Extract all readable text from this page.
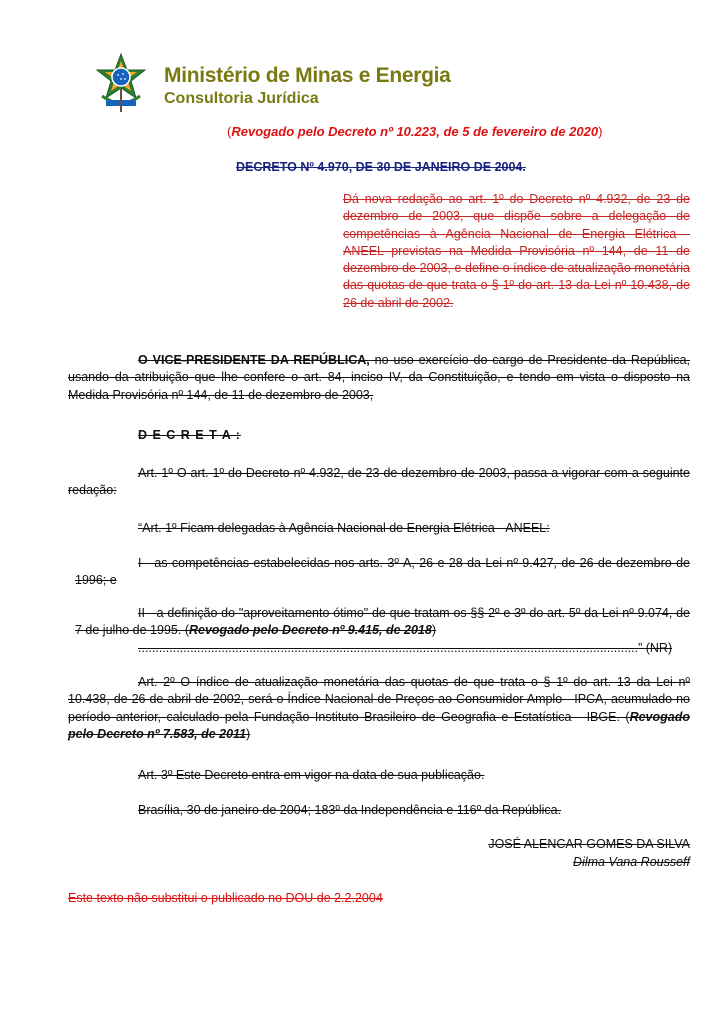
Ministério de Minas e Energia
Consultoria Jurídica
(Revogado pelo Decreto nº 10.223, de 5 de fevereiro de 2020)
DECRETO Nº 4.970, DE 30 DE JANEIRO DE 2004.
Dá nova redação ao art. 1º do Decreto nº 4.932, de 23 de dezembro de 2003, que dispõe sobre a delegação de competências à Agência Nacional de Energia Elétrica - ANEEL previstas na Medida Provisória nº 144, de 11 de dezembro de 2003, e define o índice de atualização monetária das quotas de que trata o § 1º do art. 13 da Lei nº 10.438, de 26 de abril de 2002.
O VICE-PRESIDENTE DA REPÚBLICA, no uso exercício do cargo de Presidente da República, usando da atribuição que lhe confere o art. 84, inciso IV, da Constituição, e tendo em vista o disposto na Medida Provisória nº 144, de 11 de dezembro de 2003,
D E C R E T A :
Art. 1º O art. 1º do Decreto nº 4.932, de 23 de dezembro de 2003, passa a vigorar com a seguinte redação:
“Art. 1º Ficam delegadas à Agência Nacional de Energia Elétrica - ANEEL:
I - as competências estabelecidas nos arts. 3º-A, 26 e 28 da Lei nº 9.427, de 26 de dezembro de 1996; e
II - a definição do "aproveitamento ótimo" de que tratam os §§ 2º e 3º do art. 5º da Lei nº 9.074, de 7 de julho de 1995. (Revogado pelo Decreto nº 9.415, de 2018)
................................................................................................................................................” (NR)
Art. 2º O índice de atualização monetária das quotas de que trata o § 1º do art. 13 da Lei nº 10.438, de 26 de abril de 2002, será o Índice Nacional de Preços ao Consumidor Amplo - IPCA, acumulado no período anterior, calculado pela Fundação Instituto Brasileiro de Geografia e Estatística - IBGE. (Revogado pelo Decreto nº 7.583, de 2011)
Art. 3º Este Decreto entra em vigor na data de sua publicação.
Brasília, 30 de janeiro de 2004; 183º da Independência e 116º da República.
JOSÉ ALENCAR GOMES DA SILVA
Dilma Vana Rousseff
Este texto não substitui o publicado no DOU de 2.2.2004
